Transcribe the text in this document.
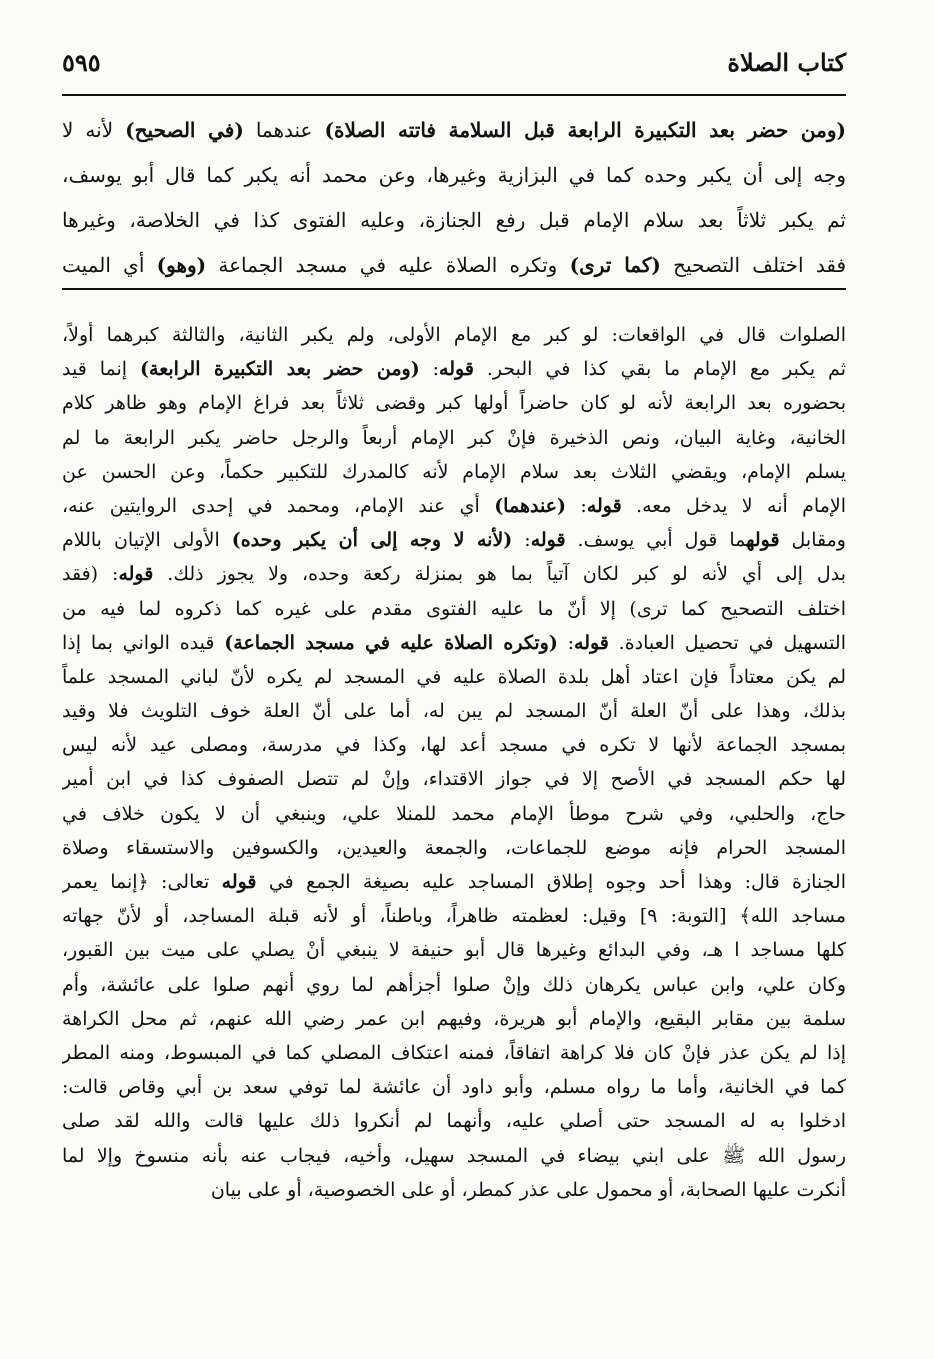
كتاب الصلاة
٥٩٥
(ومن حضر بعد التكبيرة الرابعة قبل السلامة فاتته الصلاة) عندهما (في الصحيح) لأنه لا
وجه إلى أن يكبر وحده كما في البزازية وغيرها، وعن محمد أنه يكبر كما قال أبو يوسف،
ثم يكبر ثلاثاً بعد سلام الإمام قبل رفع الجنازة، وعليه الفتوى كذا في الخلاصة، وغيرها
فقد اختلف التصحيح (كما ترى) وتكره الصلاة عليه في مسجد الجماعة (وهو) أي الميت
الصلوات قال في الواقعات: لو كبر مع الإمام الأولى، ولم يكبر الثانية، والثالثة كبرهما أولاً،
ثم يكبر مع الإمام ما بقي كذا في البحر. قوله: (ومن حضر بعد التكبيرة الرابعة) إنما قيد
بحضوره بعد الرابعة لأنه لو كان حاضراً أولها كبر وقضى ثلاثاً بعد فراغ الإمام وهو ظاهر كلام
الخانية، وغاية البيان، ونص الذخيرة فإنْ كبر الإمام أربعاً والرجل حاضر يكبر الرابعة ما لم
يسلم الإمام، ويقضي الثلاث بعد سلام الإمام لأنه كالمدرك للتكبير حكماً، وعن الحسن عن
الإمام أنه لا يدخل معه. قوله: (عندهما) أي عند الإمام، ومحمد في إحدى الروايتين عنه،
ومقابل قولهما قول أبي يوسف. قوله: (لأنه لا وجه إلى أن يكبر وحده) الأولى الإتيان باللام
بدل إلى أي لأنه لو كبر لكان آتياً بما هو بمنزلة ركعة وحده، ولا يجوز ذلك. قوله: (فقد
اختلف التصحيح كما ترى) إلا أنّ ما عليه الفتوى مقدم على غيره كما ذكروه لما فيه من
التسهيل في تحصيل العبادة. قوله: (وتكره الصلاة عليه في مسجد الجماعة) قيده الواني بما إذا
لم يكن معتاداً فإن اعتاد أهل بلدة الصلاة عليه في المسجد لم يكره لأنّ لباني المسجد علماً
بذلك، وهذا على أنّ العلة أنّ المسجد لم يبن له، أما على أنّ العلة خوف التلويث فلا وقيد
بمسجد الجماعة لأنها لا تكره في مسجد أعد لها، وكذا في مدرسة، ومصلى عيد لأنه ليس
لها حكم المسجد في الأصح إلا في جواز الاقتداء، وإنْ لم تتصل الصفوف كذا في ابن أمير
حاج، والحلبي، وفي شرح موطأ الإمام محمد للمنلا علي، وينبغي أن لا يكون خلاف في
المسجد الحرام فإنه موضع للجماعات، والجمعة والعيدين، والكسوفين والاستسقاء وصلاة
الجنازة قال: وهذا أحد وجوه إطلاق المساجد عليه بصيغة الجمع في قوله تعالى: ﴿إنما يعمر
مساجد الله﴾ [التوبة: ٩] وقيل: لعظمته ظاهراً، وباطناً، أو لأنه قبلة المساجد، أو لأنّ جهاته
كلها مساجد ا هـ، وفي البدائع وغيرها قال أبو حنيفة لا ينبغي أنْ يصلي على ميت بين القبور،
وكان علي، وابن عباس يكرهان ذلك وإنْ صلوا أجزأهم لما روي أنهم صلوا على عائشة، وأم
سلمة بين مقابر البقيع، والإمام أبو هريرة، وفيهم ابن عمر رضي الله عنهم، ثم محل الكراهة
إذا لم يكن عذر فإنْ كان فلا كراهة اتفاقاً، فمنه اعتكاف المصلي كما في المبسوط، ومنه المطر
كما في الخانية، وأما ما رواه مسلم، وأبو داود أن عائشة لما توفي سعد بن أبي وقاص قالت:
ادخلوا به له المسجد حتى أصلي عليه، وأنهما لم أنكروا ذلك عليها قالت والله لقد صلى
رسول الله ﷺ على ابني بيضاء في المسجد سهيل، وأخيه، فيجاب عنه بأنه منسوخ وإلا لما
أنكرت عليها الصحابة، أو محمول على عذر كمطر، أو على الخصوصية، أو على بيان
